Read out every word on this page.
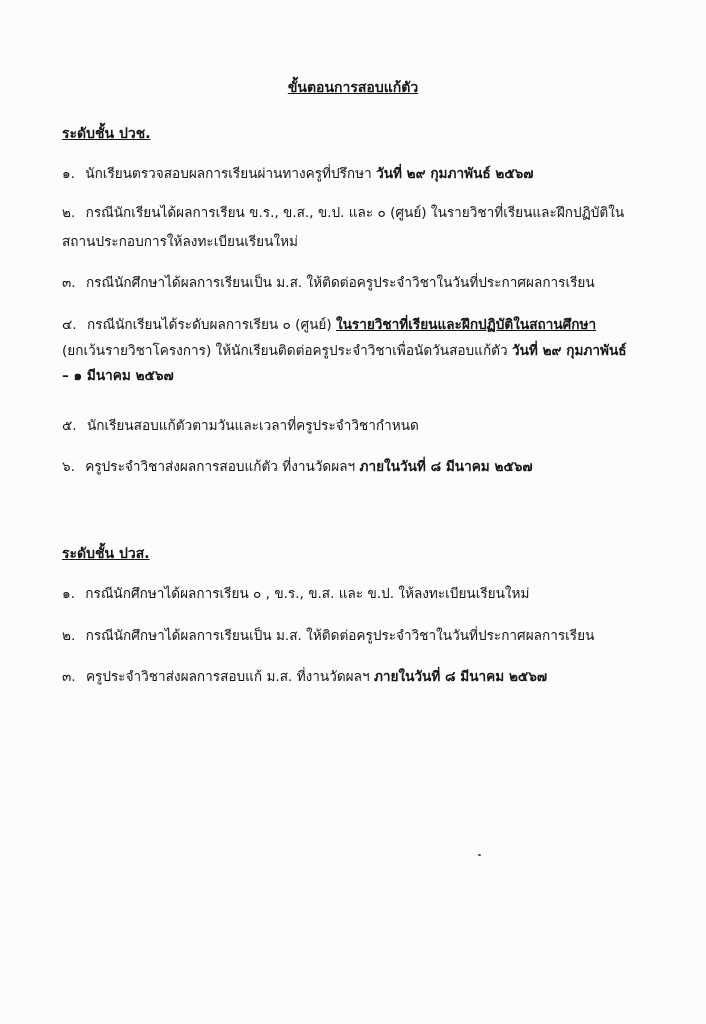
ขั้นตอนการสอบแก้ตัว
ระดับชั้น ปวช.
๑. นักเรียนตรวจสอบผลการเรียนผ่านทางครูที่ปรึกษา วันที่ ๒๙ กุมภาพันธ์ ๒๕๖๗
๒. กรณีนักเรียนได้ผลการเรียน ข.ร., ข.ส., ข.ป. และ ๐ (ศูนย์) ในรายวิชาที่เรียนและฝึกปฏิบัติใน
สถานประกอบการให้ลงทะเบียนเรียนใหม่
๓. กรณีนักศึกษาได้ผลการเรียนเป็น ม.ส. ให้ติดต่อครูประจำวิชาในวันที่ประกาศผลการเรียน
๔. กรณีนักเรียนได้ระดับผลการเรียน ๐ (ศูนย์) ในรายวิชาที่เรียนและฝึกปฏิบัติในสถานศึกษา
(ยกเว้นรายวิชาโครงการ) ให้นักเรียนติดต่อครูประจำวิชาเพื่อนัดวันสอบแก้ตัว วันที่ ๒๙ กุมภาพันธ์
– ๑ มีนาคม ๒๕๖๗
๕. นักเรียนสอบแก้ตัวตามวันและเวลาที่ครูประจำวิชากำหนด
๖. ครูประจำวิชาส่งผลการสอบแก้ตัว ที่งานวัดผลฯ ภายในวันที่ ๘ มีนาคม ๒๕๖๗
ระดับชั้น ปวส.
๑. กรณีนักศึกษาได้ผลการเรียน ๐ , ข.ร., ข.ส. และ ข.ป. ให้ลงทะเบียนเรียนใหม่
๒. กรณีนักศึกษาได้ผลการเรียนเป็น ม.ส. ให้ติดต่อครูประจำวิชาในวันที่ประกาศผลการเรียน
๓. ครูประจำวิชาส่งผลการสอบแก้ ม.ส. ที่งานวัดผลฯ ภายในวันที่ ๘ มีนาคม ๒๕๖๗
